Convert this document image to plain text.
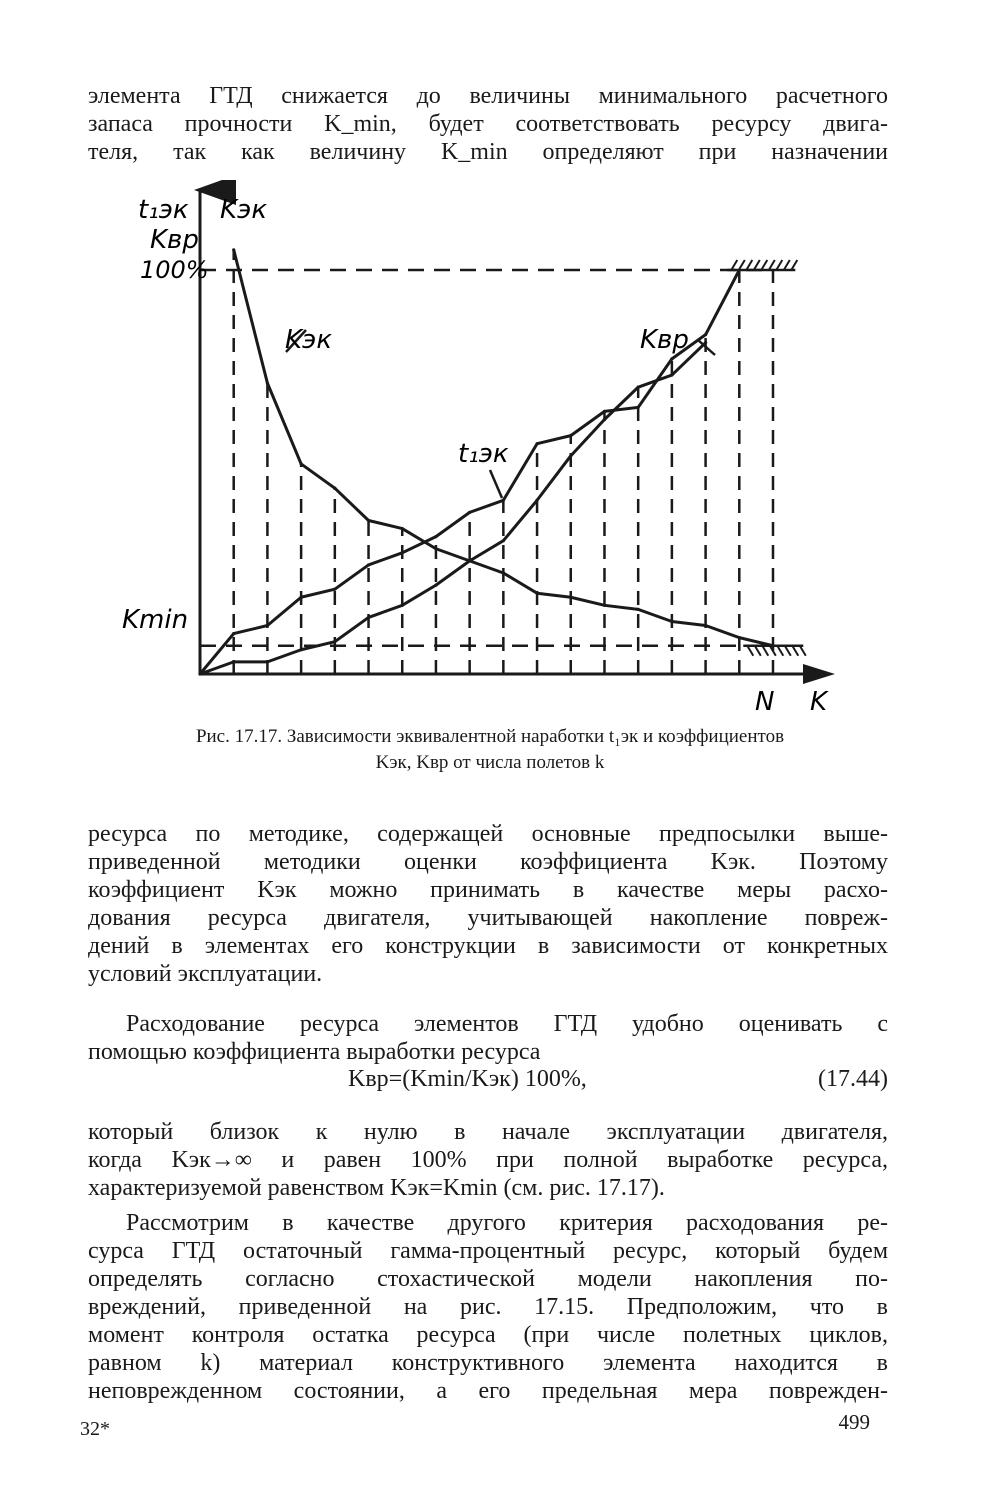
элемента ГТД снижается до величины минимального расчетного
запаса прочности K_min, будет соответствовать ресурсу двига-
теля, так как величину K_min определяют при назначении
t₁эк Kэк
Kвр
100%
Kmin
N K
Kэк	Kвр
t₁эк
Рис. 17.17. Зависимости эквивалентной наработки t₁эк и коэффициентов
Kэк, Kвр от числа полетов k
ресурса по методике, содержащей основные предпосылки выше-
приведенной методики оценки коэффициента Kэк. Поэтому
коэффициент Kэк можно принимать в качестве меры расхо-
дования ресурса двигателя, учитывающей накопление повреж-
дений в элементах его конструкции в зависимости от конкретных
условий эксплуатации.
Расходование ресурса элементов ГТД удобно оценивать с
помощью коэффициента выработки ресурса
Kвр=(Kmin/Kэк) 100%,	(17.44)
который близок к нулю в начале эксплуатации двигателя,
когда Kэк→∞ и равен 100% при полной выработке ресурса,
характеризуемой равенством Kэк=Kmin (см. рис. 17.17).
Рассмотрим в качестве другого критерия расходования ре-
сурса ГТД остаточный гамма-процентный ресурс, который будем
определять согласно стохастической модели накопления по-
вреждений, приведенной на рис. 17.15. Предположим, что в
момент контроля остатка ресурса (при числе полетных циклов,
равном k) материал конструктивного элемента находится в
неповрежденном состоянии, а его предельная мера поврежден-
32*	499
